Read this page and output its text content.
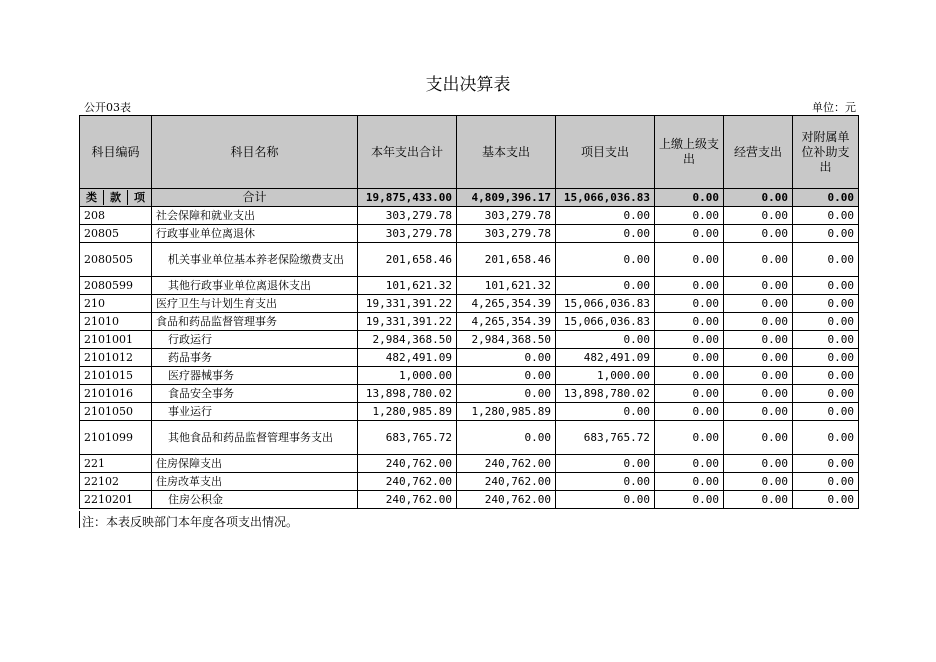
支出决算表
公开03表	单位：元
科目编码	科目名称	本年支出合计	基本支出	项目支出	上缴上级支出	经营支出	对附属单位补助支出
类 款 项	合计	19,875,433.00	4,809,396.17	15,066,036.83	0.00	0.00	0.00
208	社会保障和就业支出	303,279.78	303,279.78	0.00	0.00	0.00	0.00
20805	行政事业单位离退休	303,279.78	303,279.78	0.00	0.00	0.00	0.00
2080505	机关事业单位基本养老保险缴费支出	201,658.46	201,658.46	0.00	0.00	0.00	0.00
2080599	其他行政事业单位离退休支出	101,621.32	101,621.32	0.00	0.00	0.00	0.00
210	医疗卫生与计划生育支出	19,331,391.22	4,265,354.39	15,066,036.83	0.00	0.00	0.00
21010	食品和药品监督管理事务	19,331,391.22	4,265,354.39	15,066,036.83	0.00	0.00	0.00
2101001	行政运行	2,984,368.50	2,984,368.50	0.00	0.00	0.00	0.00
2101012	药品事务	482,491.09	0.00	482,491.09	0.00	0.00	0.00
2101015	医疗器械事务	1,000.00	0.00	1,000.00	0.00	0.00	0.00
2101016	食品安全事务	13,898,780.02	0.00	13,898,780.02	0.00	0.00	0.00
2101050	事业运行	1,280,985.89	1,280,985.89	0.00	0.00	0.00	0.00
2101099	其他食品和药品监督管理事务支出	683,765.72	0.00	683,765.72	0.00	0.00	0.00
221	住房保障支出	240,762.00	240,762.00	0.00	0.00	0.00	0.00
22102	住房改革支出	240,762.00	240,762.00	0.00	0.00	0.00	0.00
2210201	住房公积金	240,762.00	240,762.00	0.00	0.00	0.00	0.00
注：本表反映部门本年度各项支出情况。
